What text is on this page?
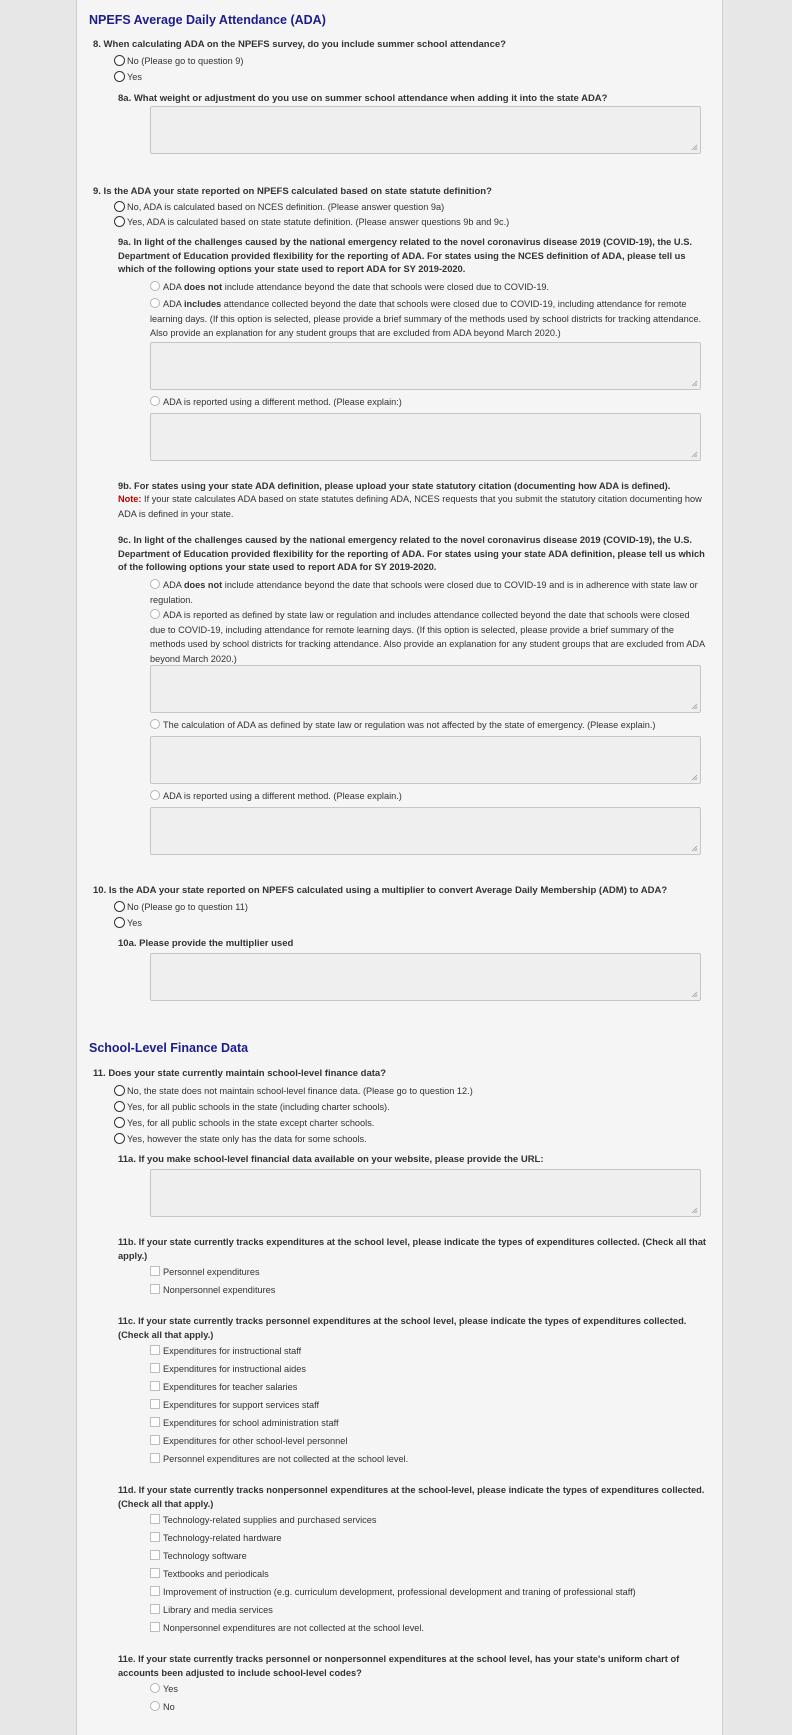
NPEFS Average Daily Attendance (ADA)
8. When calculating ADA on the NPEFS survey, do you include summer school attendance?
No (Please go to question 9)
Yes
8a. What weight or adjustment do you use on summer school attendance when adding it into the state ADA?
9. Is the ADA your state reported on NPEFS calculated based on state statute definition?
No, ADA is calculated based on NCES definition. (Please answer question 9a)
Yes, ADA is calculated based on state statute definition. (Please answer questions 9b and 9c.)
9a. In light of the challenges caused by the national emergency related to the novel coronavirus disease 2019 (COVID-19), the U.S. Department of Education provided flexibility for the reporting of ADA. For states using the NCES definition of ADA, please tell us which of the following options your state used to report ADA for SY 2019-2020.
ADA does not include attendance beyond the date that schools were closed due to COVID-19.
ADA includes attendance collected beyond the date that schools were closed due to COVID-19, including attendance for remote learning days. (If this option is selected, please provide a brief summary of the methods used by school districts for tracking attendance. Also provide an explanation for any student groups that are excluded from ADA beyond March 2020.)
ADA is reported using a different method. (Please explain:)
9b. For states using your state ADA definition, please upload your state statutory citation (documenting how ADA is defined).
Note: If your state calculates ADA based on state statutes defining ADA, NCES requests that you submit the statutory citation documenting how ADA is defined in your state.
9c. In light of the challenges caused by the national emergency related to the novel coronavirus disease 2019 (COVID-19), the U.S. Department of Education provided flexibility for the reporting of ADA. For states using your state ADA definition, please tell us which of the following options your state used to report ADA for SY 2019-2020.
ADA does not include attendance beyond the date that schools were closed due to COVID-19 and is in adherence with state law or regulation.
ADA is reported as defined by state law or regulation and includes attendance collected beyond the date that schools were closed due to COVID-19, including attendance for remote learning days. (If this option is selected, please provide a brief summary of the methods used by school districts for tracking attendance. Also provide an explanation for any student groups that are excluded from ADA beyond March 2020.)
The calculation of ADA as defined by state law or regulation was not affected by the state of emergency. (Please explain.)
ADA is reported using a different method. (Please explain.)
10. Is the ADA your state reported on NPEFS calculated using a multiplier to convert Average Daily Membership (ADM) to ADA?
No (Please go to question 11)
Yes
10a. Please provide the multiplier used
School-Level Finance Data
11. Does your state currently maintain school-level finance data?
No, the state does not maintain school-level finance data. (Please go to question 12.)
Yes, for all public schools in the state (including charter schools).
Yes, for all public schools in the state except charter schools.
Yes, however the state only has the data for some schools.
11a. If you make school-level financial data available on your website, please provide the URL:
11b. If your state currently tracks expenditures at the school level, please indicate the types of expenditures collected. (Check all that apply.)
Personnel expenditures
Nonpersonnel expenditures
11c. If your state currently tracks personnel expenditures at the school level, please indicate the types of expenditures collected. (Check all that apply.)
Expenditures for instructional staff
Expenditures for instructional aides
Expenditures for teacher salaries
Expenditures for support services staff
Expenditures for school administration staff
Expenditures for other school-level personnel
Personnel expenditures are not collected at the school level.
11d. If your state currently tracks nonpersonnel expenditures at the school-level, please indicate the types of expenditures collected. (Check all that apply.)
Technology-related supplies and purchased services
Technology-related hardware
Technology software
Textbooks and periodicals
Improvement of instruction (e.g. curriculum development, professional development and traning of professional staff)
Library and media services
Nonpersonnel expenditures are not collected at the school level.
11e. If your state currently tracks personnel or nonpersonnel expenditures at the school level, has your state's uniform chart of accounts been adjusted to include school-level codes?
Yes
No
